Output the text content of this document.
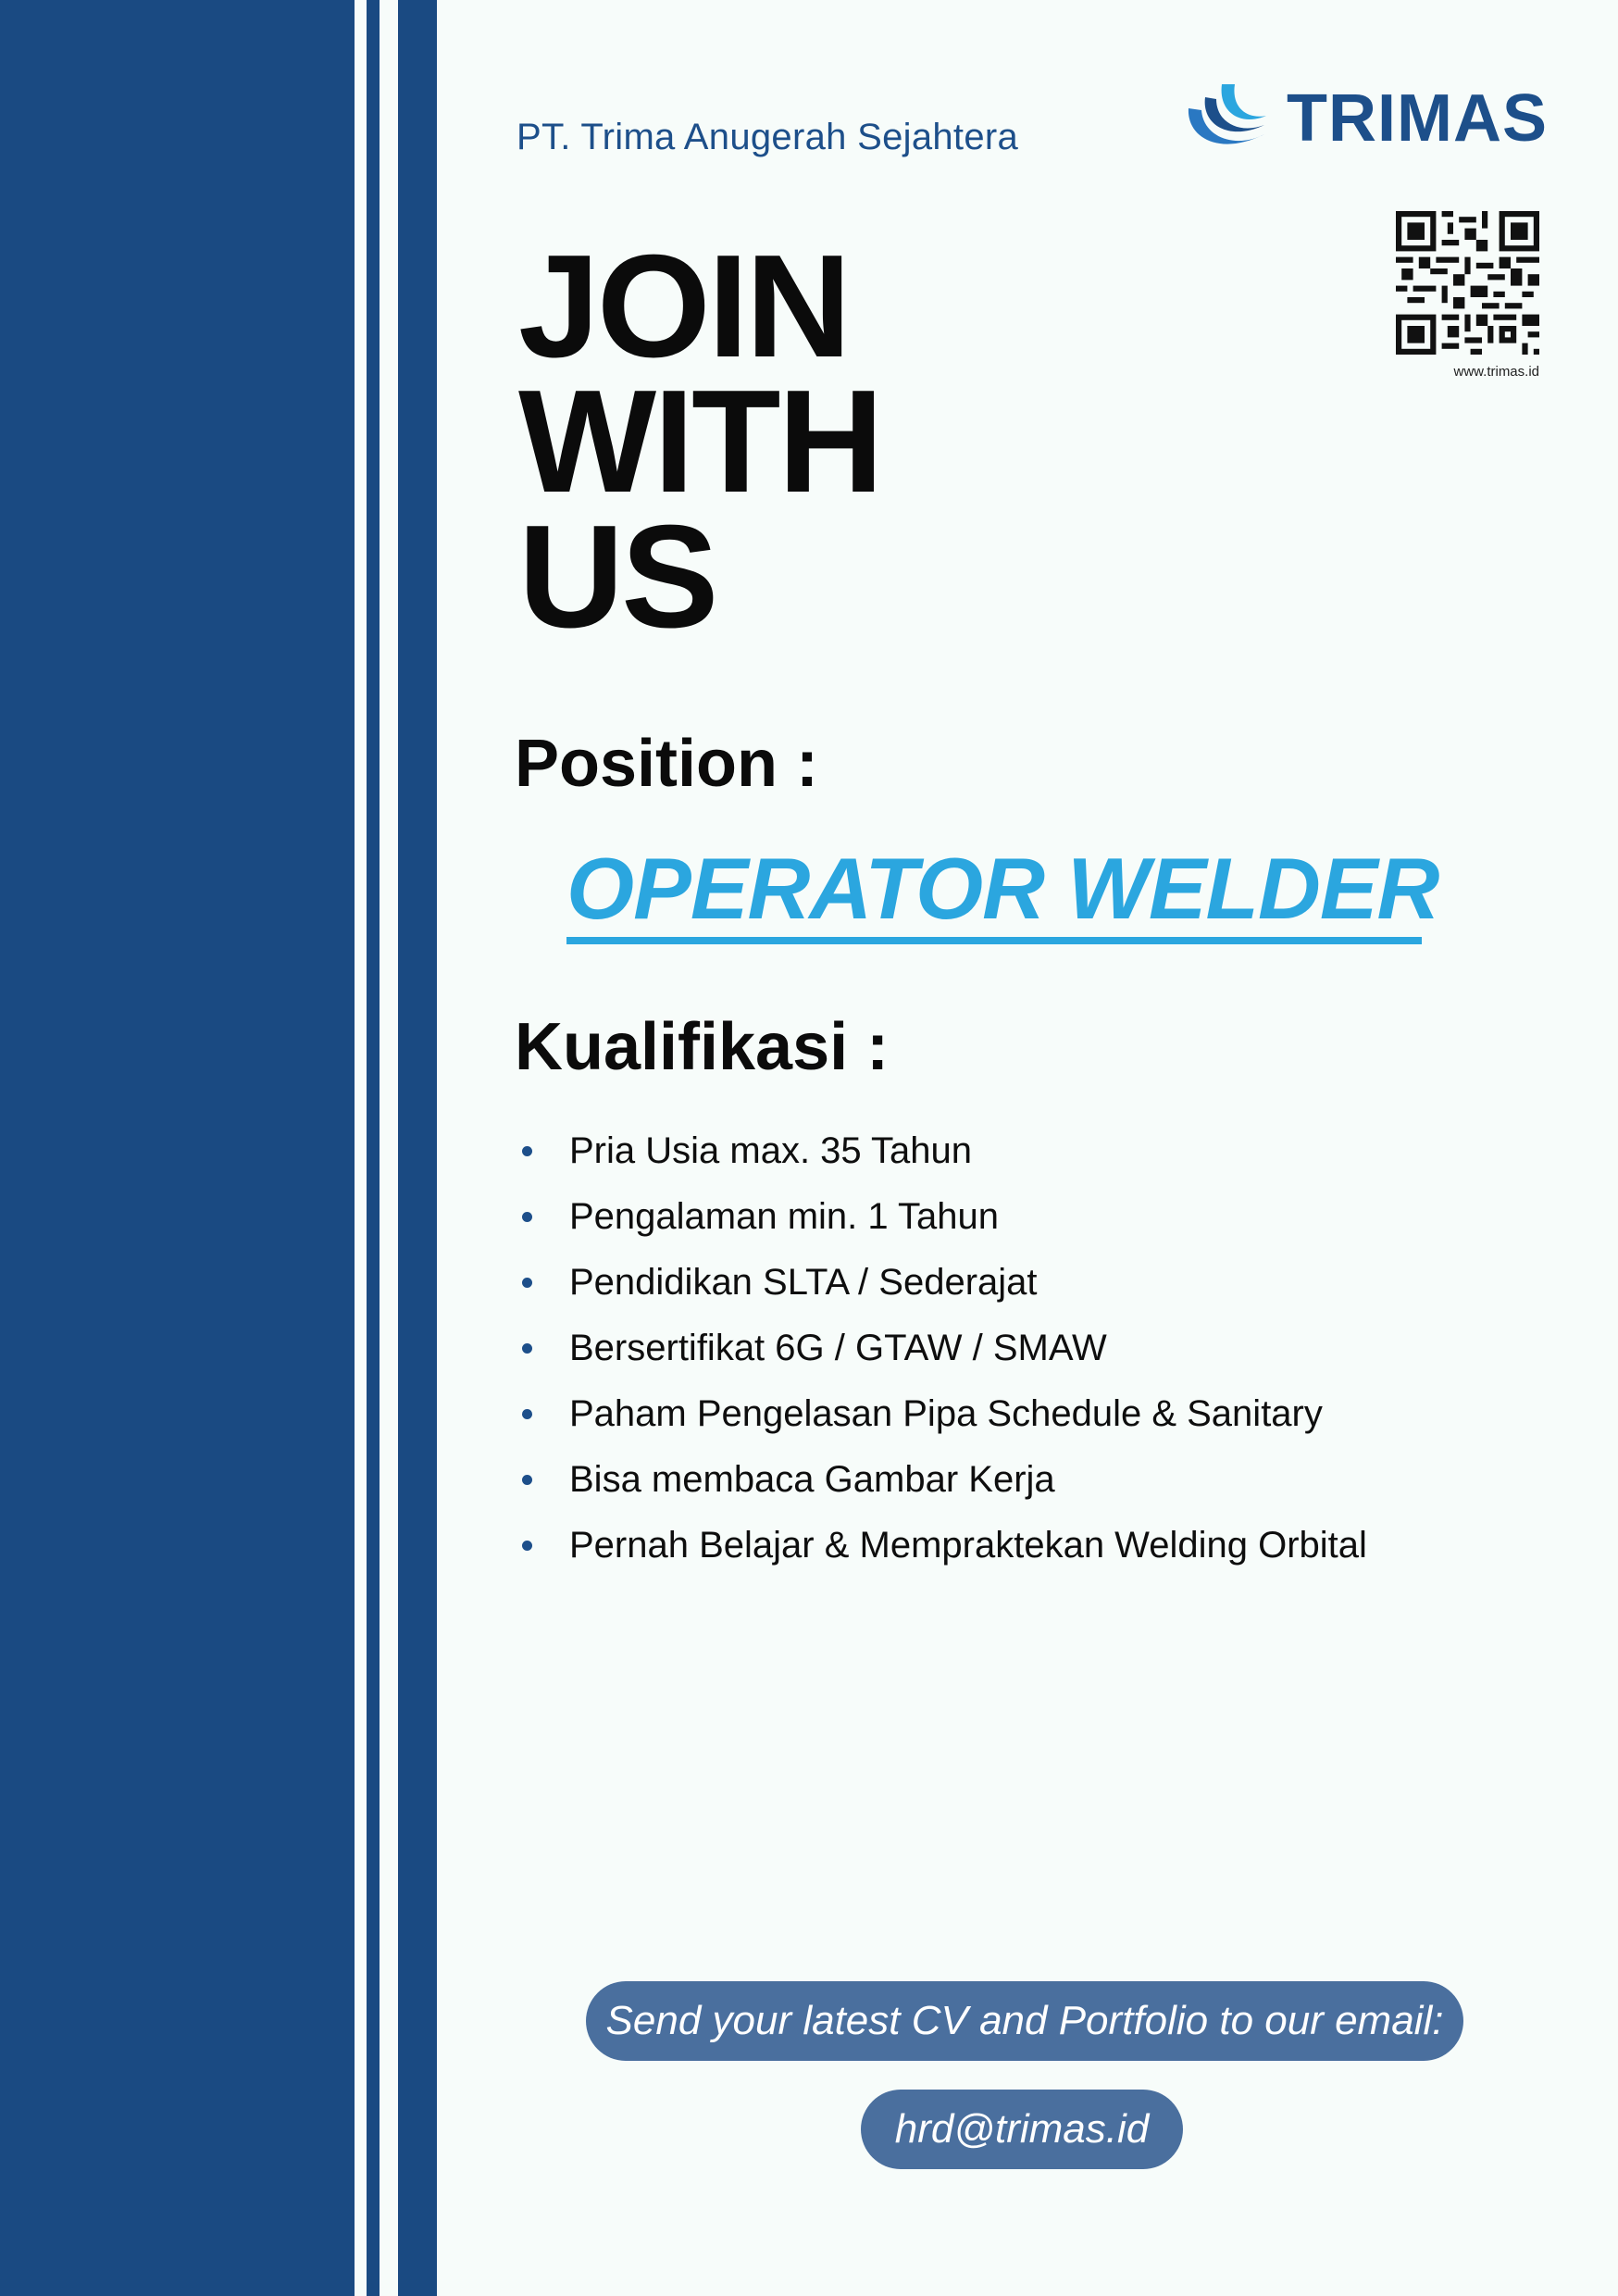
PT. Trima Anugerah Sejahtera	TRIMAS
www.trimas.id
JOIN
WITH
US
Position :
OPERATOR WELDER
Kualifikasi :
Pria Usia max. 35 Tahun
Pengalaman min. 1 Tahun
Pendidikan SLTA / Sederajat
Bersertifikat 6G / GTAW / SMAW
Paham Pengelasan Pipa Schedule & Sanitary
Bisa membaca Gambar Kerja
Pernah Belajar & Mempraktekan Welding Orbital
Send your latest CV and Portfolio to our email:
hrd@trimas.id
